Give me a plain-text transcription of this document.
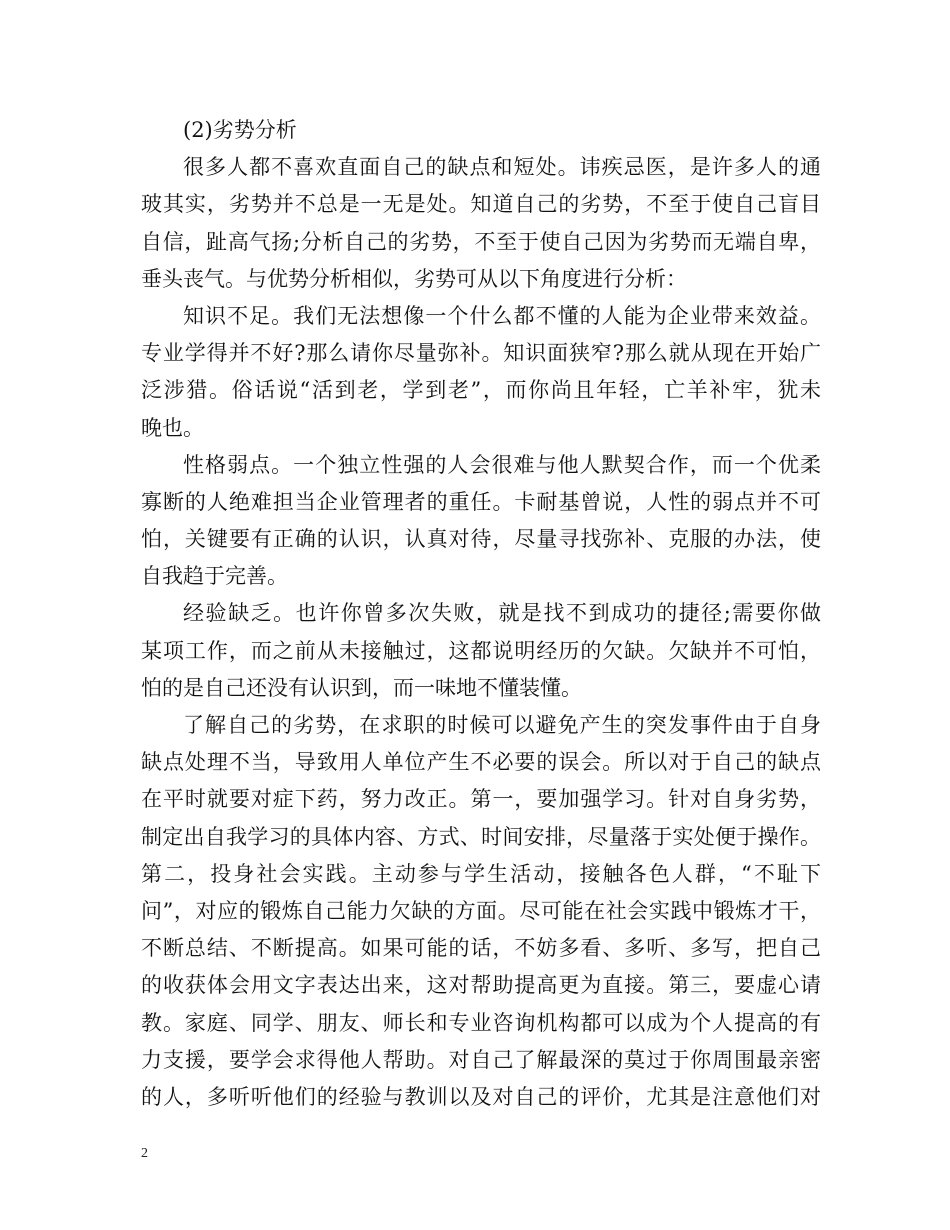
(2)劣势分析
很多人都不喜欢直面自己的缺点和短处。讳疾忌医，是许多人的通
玻其实，劣势并不总是一无是处。知道自己的劣势，不至于使自己盲目
自信，趾高气扬;分析自己的劣势，不至于使自己因为劣势而无端自卑，
垂头丧气。与优势分析相似，劣势可从以下角度进行分析：
知识不足。我们无法想像一个什么都不懂的人能为企业带来效益。
专业学得并不好?那么请你尽量弥补。知识面狭窄?那么就从现在开始广
泛涉猎。俗话说“活到老，学到老”，而你尚且年轻，亡羊补牢，犹未
晚也。
性格弱点。一个独立性强的人会很难与他人默契合作，而一个优柔
寡断的人绝难担当企业管理者的重任。卡耐基曾说，人性的弱点并不可
怕，关键要有正确的认识，认真对待，尽量寻找弥补、克服的办法，使
自我趋于完善。
经验缺乏。也许你曾多次失败，就是找不到成功的捷径;需要你做
某项工作，而之前从未接触过，这都说明经历的欠缺。欠缺并不可怕，
怕的是自己还没有认识到，而一味地不懂装懂。
了解自己的劣势，在求职的时候可以避免产生的突发事件由于自身
缺点处理不当，导致用人单位产生不必要的误会。所以对于自己的缺点
在平时就要对症下药，努力改正。第一，要加强学习。针对自身劣势，
制定出自我学习的具体内容、方式、时间安排，尽量落于实处便于操作。
第二，投身社会实践。主动参与学生活动，接触各色人群，“不耻下
问”，对应的锻炼自己能力欠缺的方面。尽可能在社会实践中锻炼才干，
不断总结、不断提高。如果可能的话，不妨多看、多听、多写，把自己
的收获体会用文字表达出来，这对帮助提高更为直接。第三，要虚心请
教。家庭、同学、朋友、师长和专业咨询机构都可以成为个人提高的有
力支援，要学会求得他人帮助。对自己了解最深的莫过于你周围最亲密
的人，多听听他们的经验与教训以及对自己的评价，尤其是注意他们对
2
